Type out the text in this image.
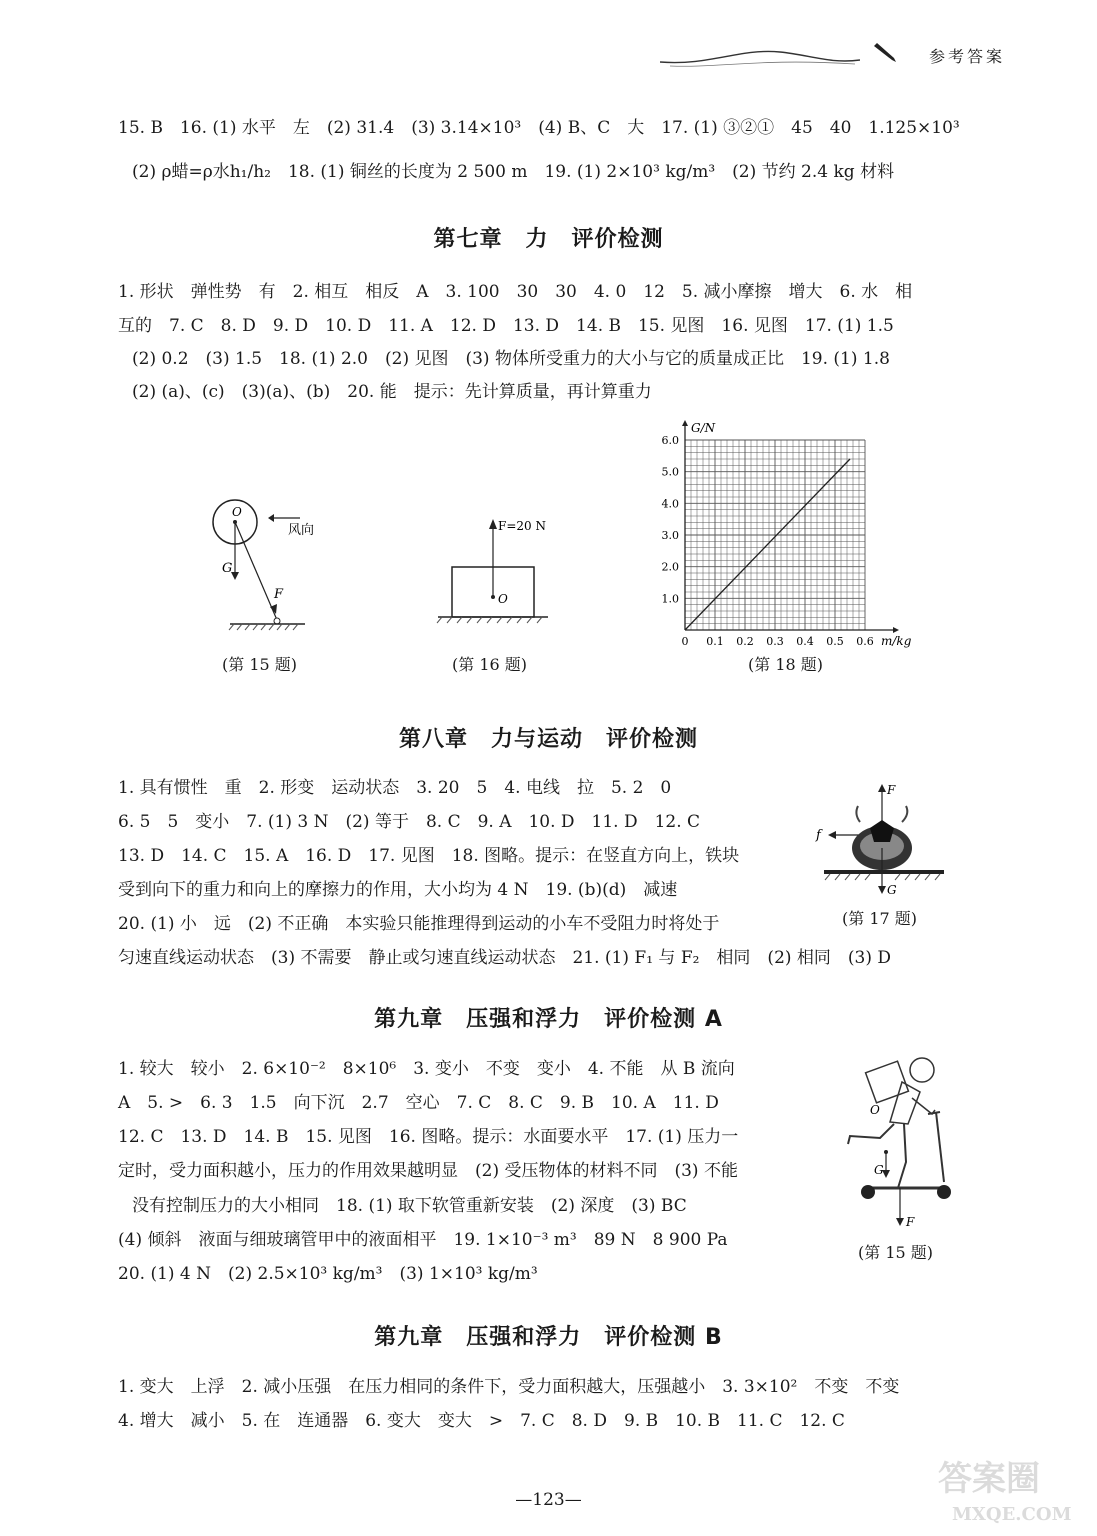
参考答案
15. B　16. (1) 水平　左　(2) 31.4　(3) 3.14×10³　(4) B、C　大　17. (1) ③②①　45　40　1.125×10³
(2) ρ蜡=ρ水h₁/h₂　18. (1) 铜丝的长度为 2 500 m　19. (1) 2×10³ kg/m³　(2) 节约 2.4 kg 材料
第七章　力　评价检测
1. 形状　弹性势　有　2. 相互　相反　A　3. 100　30　30　4. 0　12　5. 减小摩擦　增大　6. 水　相
互的　7. C　8. D　9. D　10. D　11. A　12. D　13. D　14. B　15. 见图　16. 见图　17. (1) 1.5
(2) 0.2　(3) 1.5　18. (1) 2.0　(2) 见图　(3) 物体所受重力的大小与它的质量成正比　19. (1) 1.8
(2) (a)、(c)　(3)(a)、(b)　20. 能　提示：先计算质量，再计算重力
O
G
F
风向
(第 15 题)
F=20 N
O
(第 16 题)
1.0
2.0
3.0
4.0
5.0
6.0
0 0.1 0.2 0.3 0.4 0.5 0.6
G/N
m/kg
(第 18 题)
第八章　力与运动　评价检测
1. 具有惯性　重　2. 形变　运动状态　3. 20　5　4. 电线　拉　5. 2　0
6. 5　5　变小　7. (1) 3 N　(2) 等于　8. C　9. A　10. D　11. D　12. C
13. D　14. C　15. A　16. D　17. 见图　18. 图略。提示：在竖直方向上，铁块
受到向下的重力和向上的摩擦力的作用，大小均为 4 N　19. (b)(d)　减速
20. (1) 小　远　(2) 不正确　本实验只能推理得到运动的小车不受阻力时将处于
匀速直线运动状态　(3) 不需要　静止或匀速直线运动状态　21. (1) F₁ 与 F₂　相同　(2) 相同　(3) D
F
f
G
(第 17 题)
第九章　压强和浮力　评价检测 A
1. 较大　较小　2. 6×10⁻²　8×10⁶　3. 变小　不变　变小　4. 不能　从 B 流向
A　5. >　6. 3　1.5　向下沉　2.7　空心　7. C　8. C　9. B　10. A　11. D
12. C　13. D　14. B　15. 见图　16. 图略。提示：水面要水平　17. (1) 压力一
定时，受力面积越小，压力的作用效果越明显　(2) 受压物体的材料不同　(3) 不能
没有控制压力的大小相同　18. (1) 取下软管重新安装　(2) 深度　(3) BC
(4) 倾斜　液面与细玻璃管甲中的液面相平　19. 1×10⁻³ m³　89 N　8 900 Pa
20. (1) 4 N　(2) 2.5×10³ kg/m³　(3) 1×10³ kg/m³
O
G
F
(第 15 题)
第九章　压强和浮力　评价检测 B
1. 变大　上浮　2. 减小压强　在压力相同的条件下，受力面积越大，压强越小　3. 3×10²　不变　不变
4. 增大　减小　5. 在　连通器　6. 变大　变大　>　7. C　8. D　9. B　10. B　11. C　12. C
—123—
答案圈
MXQE.COM
